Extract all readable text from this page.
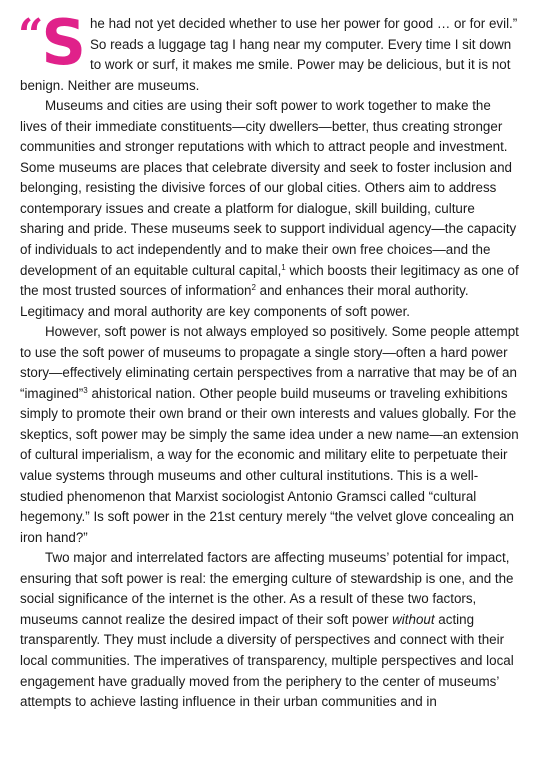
“S he had not yet decided whether to use her power for good … or for evil.” So reads a luggage tag I hang near my computer. Every time I sit down to work or surf, it makes me smile. Power may be delicious, but it is not benign. Neither are museums.

Museums and cities are using their soft power to work together to make the lives of their immediate constituents—city dwellers—better, thus creating stronger communities and stronger reputations with which to attract people and investment. Some museums are places that celebrate diversity and seek to foster inclusion and belonging, resisting the divisive forces of our global cities. Others aim to address contemporary issues and create a platform for dialogue, skill building, culture sharing and pride. These museums seek to support individual agency—the capacity of individuals to act independently and to make their own free choices—and the development of an equitable cultural capital,$^1$ which boosts their legitimacy as one of the most trusted sources of information$^2$ and enhances their moral authority. Legitimacy and moral authority are key components of soft power.

However, soft power is not always employed so positively. Some people attempt to use the soft power of museums to propagate a single story—often a hard power story—effectively eliminating certain perspectives from a narrative that may be of an “imagined”$^3$ ahistorical nation. Other people build museums or traveling exhibitions simply to promote their own brand or their own interests and values globally. For the skeptics, soft power may be simply the same idea under a new name—an extension of cultural imperialism, a way for the economic and military elite to perpetuate their value systems through museums and other cultural institutions. This is a well-studied phenomenon that Marxist sociologist Antonio Gramsci called “cultural hegemony.” Is soft power in the 21st century merely “the velvet glove concealing an iron hand?”

Two major and interrelated factors are affecting museums’ potential for impact, ensuring that soft power is real: the emerging culture of stewardship is one, and the social significance of the internet is the other. As a result of these two factors, museums cannot realize the desired impact of their soft power without acting transparently. They must include a diversity of perspectives and connect with their local communities. The imperatives of transparency, multiple perspectives and local engagement have gradually moved from the periphery to the center of museums’ attempts to achieve lasting influence in their urban communities and in
